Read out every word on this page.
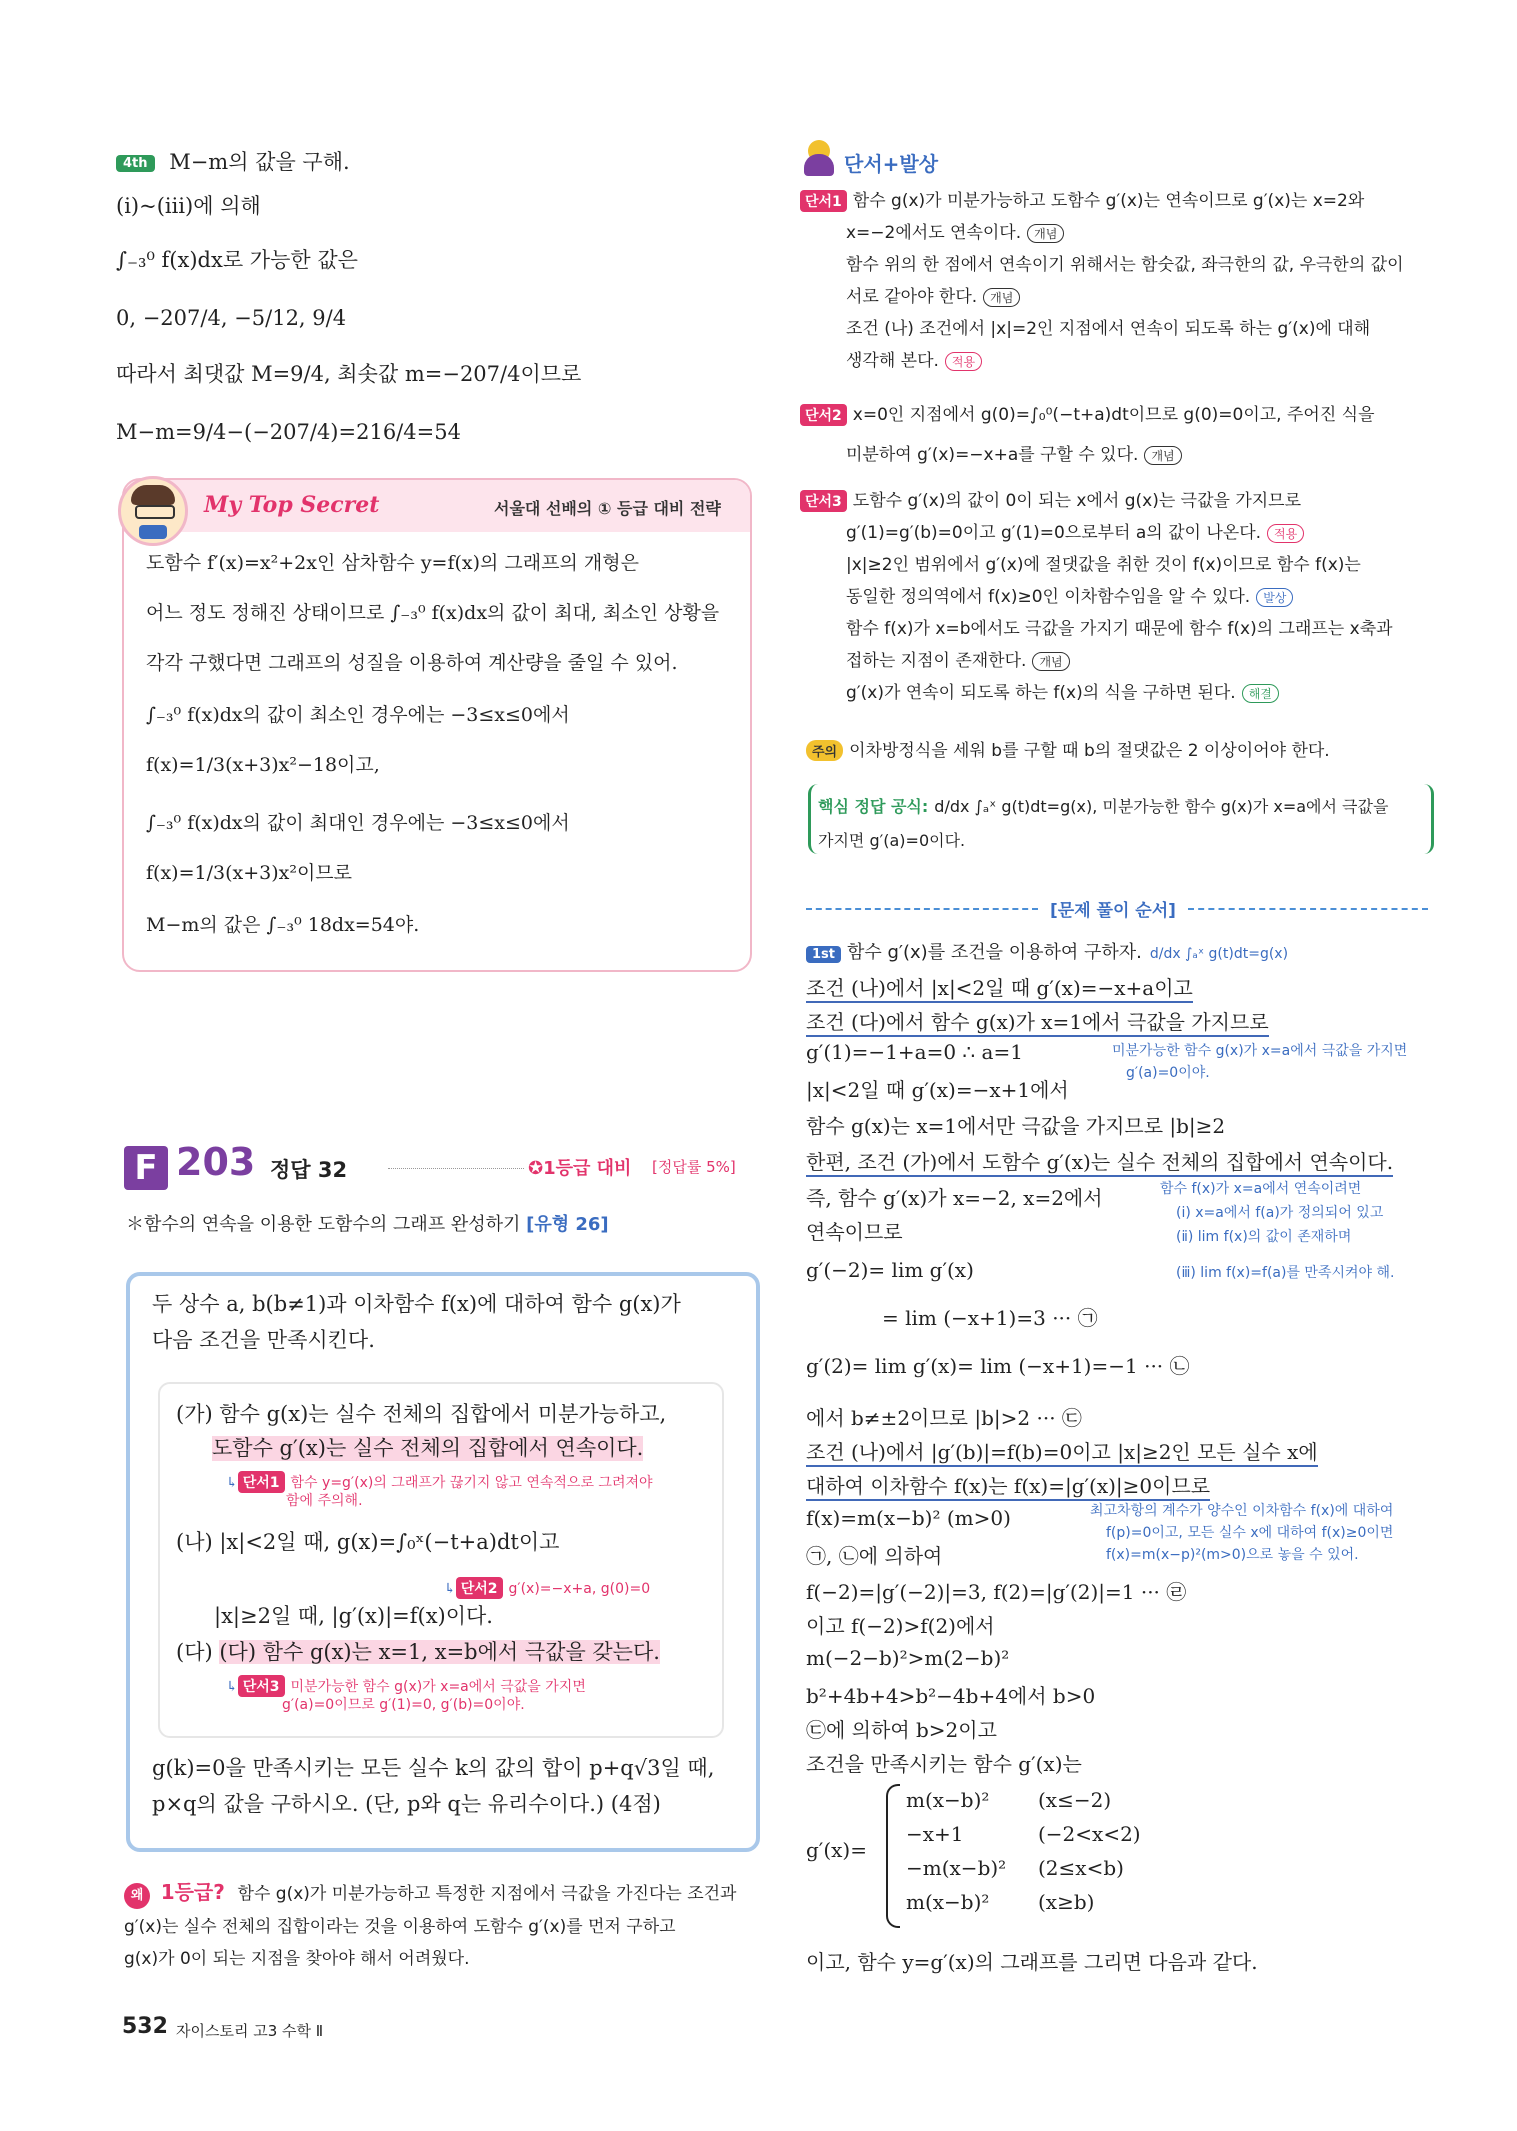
4th M−m의 값을 구해.
(ⅰ)~(ⅲ)에 의해
∫₋₃⁰ f(x)dx로 가능한 값은
0, −207/4, −5/12, 9/4
따라서 최댓값 M=9/4, 최솟값 m=−207/4이므로
M−m=9/4−(−207/4)=216/4=54
My Top Secret	서울대 선배의 ① 등급 대비 전략
도함수 f′(x)=x²+2x인 삼차함수 y=f(x)의 그래프의 개형은
어느 정도 정해진 상태이므로 ∫₋₃⁰ f(x)dx의 값이 최대, 최소인 상황을
각각 구했다면 그래프의 성질을 이용하여 계산량을 줄일 수 있어.
∫₋₃⁰ f(x)dx의 값이 최소인 경우에는 −3≤x≤0에서
f(x)=1/3(x+3)x²−18이고,
∫₋₃⁰ f(x)dx의 값이 최대인 경우에는 −3≤x≤0에서
f(x)=1/3(x+3)x²이므로
M−m의 값은 ∫₋₃⁰ 18dx=54야.
F 203 정답 32	✪1등급 대비 [정답률 5%]
＊함수의 연속을 이용한 도함수의 그래프 완성하기 [유형 26]
두 상수 a, b(b≠1)과 이차함수 f(x)에 대하여 함수 g(x)가
다음 조건을 만족시킨다.
(가) 함수 g(x)는 실수 전체의 집합에서 미분가능하고,
도함수 g′(x)는 실수 전체의 집합에서 연속이다.
↳ 단서1 함수 y=g′(x)의 그래프가 끊기지 않고 연속적으로 그려져야
함에 주의해.
(나) |x|<2일 때, g(x)=∫₀ˣ(−t+a)dt이고
↳ 단서2 g′(x)=−x+a, g(0)=0
|x|≥2일 때, |g′(x)|=f(x)이다.
(다) (다) 함수 g(x)는 x=1, x=b에서 극값을 갖는다.
↳ 단서3 미분가능한 함수 g(x)가 x=a에서 극값을 가지면
g′(a)=0이므로 g′(1)=0, g′(b)=0이야.
g(k)=0을 만족시키는 모든 실수 k의 값의 합이 p+q√3일 때,
p×q의 값을 구하시오. (단, p와 q는 유리수이다.) (4점)
왜 1등급? 함수 g(x)가 미분가능하고 특정한 지점에서 극값을 가진다는 조건과
g′(x)는 실수 전체의 집합이라는 것을 이용하여 도함수 g′(x)를 먼저 구하고
g(x)가 0이 되는 지점을 찾아야 해서 어려웠다.
532 자이스토리 고3 수학 Ⅱ
단서+발상
단서1 함수 g(x)가 미분가능하고 도함수 g′(x)는 연속이므로 g′(x)는 x=2와
x=−2에서도 연속이다. 개념
함수 위의 한 점에서 연속이기 위해서는 함숫값, 좌극한의 값, 우극한의 값이
서로 같아야 한다. 개념
조건 (나) 조건에서 |x|=2인 지점에서 연속이 되도록 하는 g′(x)에 대해
생각해 본다. 적용
단서2 x=0인 지점에서 g(0)=∫₀⁰(−t+a)dt이므로 g(0)=0이고, 주어진 식을
미분하여 g′(x)=−x+a를 구할 수 있다. 개념
단서3 도함수 g′(x)의 값이 0이 되는 x에서 g(x)는 극값을 가지므로
g′(1)=g′(b)=0이고 g′(1)=0으로부터 a의 값이 나온다. 적용
|x|≥2인 범위에서 g′(x)에 절댓값을 취한 것이 f(x)이므로 함수 f(x)는
동일한 정의역에서 f(x)≥0인 이차함수임을 알 수 있다. 발상
함수 f(x)가 x=b에서도 극값을 가지기 때문에 함수 f(x)의 그래프는 x축과
접하는 지점이 존재한다. 개념
g′(x)가 연속이 되도록 하는 f(x)의 식을 구하면 된다. 해결
주의 이차방정식을 세워 b를 구할 때 b의 절댓값은 2 이상이어야 한다.
핵심 정답 공식: d/dx ∫ₐˣ g(t)dt=g(x), 미분가능한 함수 g(x)가 x=a에서 극값을
가지면 g′(a)=0이다.
[문제 풀이 순서]
1st 함수 g′(x)를 조건을 이용하여 구하자. d/dx ∫ₐˣ g(t)dt=g(x)
조건 (나)에서 |x|<2일 때 g′(x)=−x+a이고
조건 (다)에서 함수 g(x)가 x=1에서 극값을 가지므로
g′(1)=−1+a=0 ∴ a=1	미분가능한 함수 g(x)가 x=a에서 극값을 가지면
g′(a)=0이야.
|x|<2일 때 g′(x)=−x+1에서
함수 g(x)는 x=1에서만 극값을 가지므로 |b|≥2
한편, 조건 (가)에서 도함수 g′(x)는 실수 전체의 집합에서 연속이다.
즉, 함수 g′(x)가 x=−2, x=2에서
연속이므로
함수 f(x)가 x=a에서 연속이려면
(ⅰ) x=a에서 f(a)가 정의되어 있고
(ⅱ) lim f(x)의 값이 존재하며
(ⅲ) lim f(x)=f(a)를 만족시켜야 해.
g′(−2)= lim g′(x)
= lim (−x+1)=3 ··· ㉠
g′(2)= lim g′(x)= lim (−x+1)=−1 ··· ㉡
에서 b≠±2이므로 |b|>2 ··· ㉢
조건 (나)에서 |g′(b)|=f(b)=0이고 |x|≥2인 모든 실수 x에
대하여 이차함수 f(x)는 f(x)=|g′(x)|≥0이므로
f(x)=m(x−b)² (m>0)	최고차항의 계수가 양수인 이차함수 f(x)에 대하여
f(p)=0이고, 모든 실수 x에 대하여 f(x)≥0이면
f(x)=m(x−p)²(m>0)으로 놓을 수 있어.
㉠, ㉡에 의하여
f(−2)=|g′(−2)|=3, f(2)=|g′(2)|=1 ··· ㉣
이고 f(−2)>f(2)에서
m(−2−b)²>m(2−b)²
b²+4b+4>b²−4b+4에서 b>0
㉢에 의하여 b>2이고
조건을 만족시키는 함수 g′(x)는
g′(x)=
m(x−b)² (x≤−2)
−x+1	(−2<x<2)
−m(x−b)² (2≤x<b)
m(x−b)² (x≥b)
이고, 함수 y=g′(x)의 그래프를 그리면 다음과 같다.
